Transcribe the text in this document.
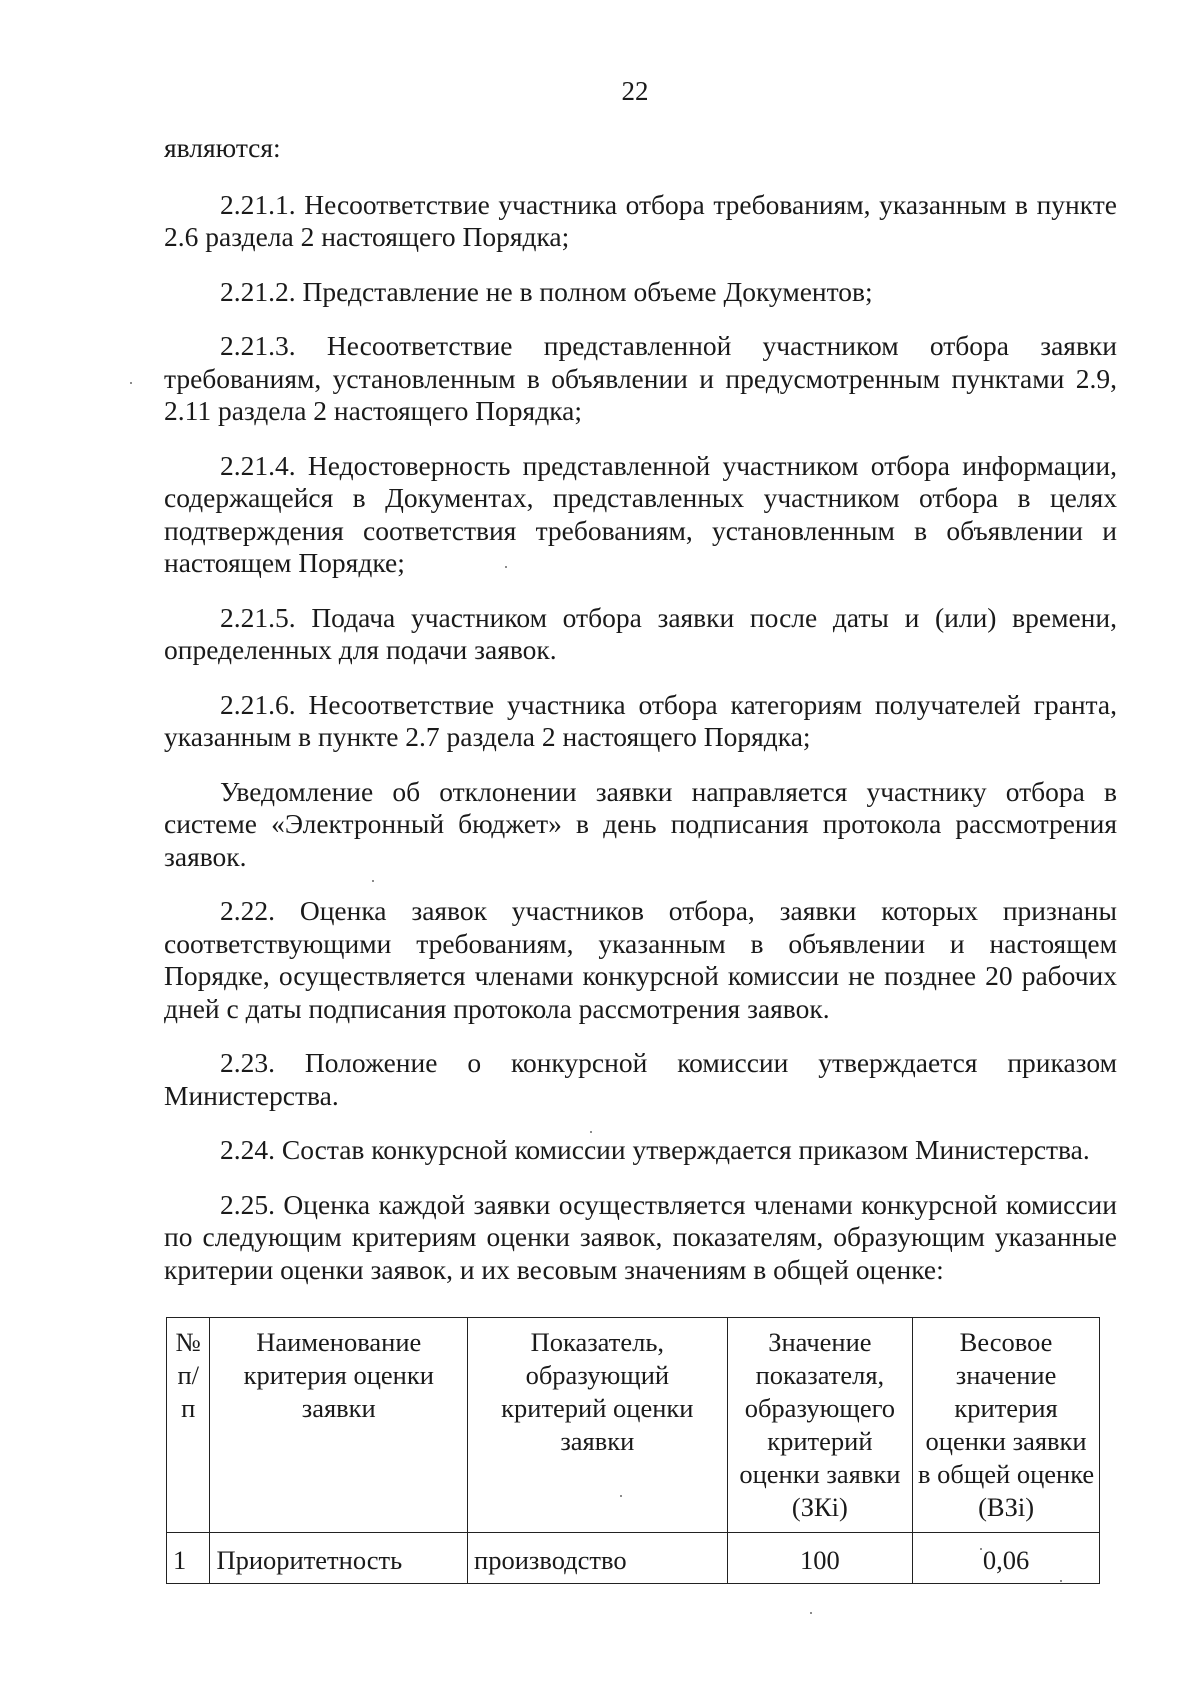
22

являются:

2.21.1. Несоответствие участника отбора требованиям, указанным в пункте 2.6 раздела 2 настоящего Порядка;

2.21.2. Представление не в полном объеме Документов;

2.21.3. Несоответствие представленной участником отбора заявки требованиям, установленным в объявлении и предусмотренным пунктами 2.9, 2.11 раздела 2 настоящего Порядка;

2.21.4. Недостоверность представленной участником отбора информации, содержащейся в Документах, представленных участником отбора в целях подтверждения соответствия требованиям, установленным в объявлении и настоящем Порядке;

2.21.5. Подача участником отбора заявки после даты и (или) времени, определенных для подачи заявок.

2.21.6. Несоответствие участника отбора категориям получателей гранта, указанным в пункте 2.7 раздела 2 настоящего Порядка;

Уведомление об отклонении заявки направляется участнику отбора в системе «Электронный бюджет» в день подписания протокола рассмотрения заявок.

2.22. Оценка заявок участников отбора, заявки которых признаны соответствующими требованиям, указанным в объявлении и настоящем Порядке, осуществляется членами конкурсной комиссии не позднее 20 рабочих дней с даты подписания протокола рассмотрения заявок.

2.23. Положение о конкурсной комиссии утверждается приказом Министерства.

2.24. Состав конкурсной комиссии утверждается приказом Министерства.

2.25. Оценка каждой заявки осуществляется членами конкурсной комиссии по следующим критериям оценки заявок, показателям, образующим указанные критерии оценки заявок, и их весовым значениям в общей оценке:

№ п/п	Наименование критерия оценки заявки	Показатель, образующий критерий оценки заявки	Значение показателя, образующего критерий оценки заявки (ЗКi)	Весовое значение критерия оценки заявки в общей оценке (ВЗi)
1	Приоритетность	производство	100	0,06
